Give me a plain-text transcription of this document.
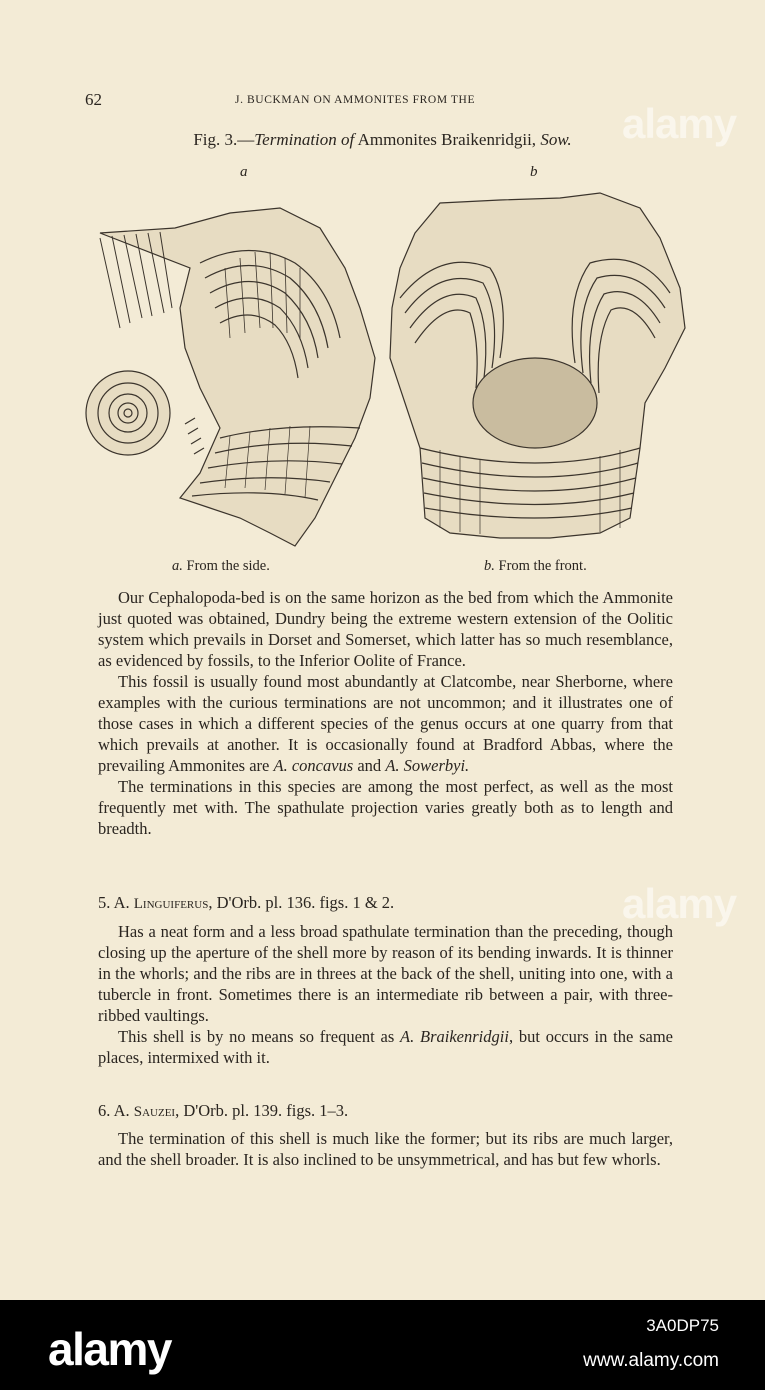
62	J. BUCKMAN ON AMMONITES FROM THE
Fig. 3.—Termination of Ammonites Braikenridgii, Sow.
a	b
a. From the side.	b. From the front.

Our Cephalopoda-bed is on the same horizon as the bed from which the Ammonite just quoted was obtained, Dundry being the extreme western extension of the Oolitic system which prevails in Dorset and Somerset, which latter has so much resemblance, as evidenced by fossils, to the Inferior Oolite of France.

This fossil is usually found most abundantly at Clatcombe, near Sherborne, where examples with the curious terminations are not uncommon; and it illustrates one of those cases in which a different species of the genus occurs at one quarry from that which prevails at another. It is occasionally found at Bradford Abbas, where the prevailing Ammonites are A. concavus and A. Sowerbyi.

The terminations in this species are among the most perfect, as well as the most frequently met with. The spathulate projection varies greatly both as to length and breadth.

5. A. Linguiferus, D'Orb. pl. 136. figs. 1 & 2.

Has a neat form and a less broad spathulate termination than the preceding, though closing up the aperture of the shell more by reason of its bending inwards. It is thinner in the whorls; and the ribs are in threes at the back of the shell, uniting into one, with a tubercle in front. Sometimes there is an intermediate rib between a pair, with three-ribbed vaultings.

This shell is by no means so frequent as A. Braikenridgii, but occurs in the same places, intermixed with it.

6. A. Sauzei, D'Orb. pl. 139. figs. 1–3.

The termination of this shell is much like the former; but its ribs are much larger, and the shell broader. It is also inclined to be unsymmetrical, and has but few whorls.

alamy
alamy
alamy	3A0DP75
www.alamy.com
